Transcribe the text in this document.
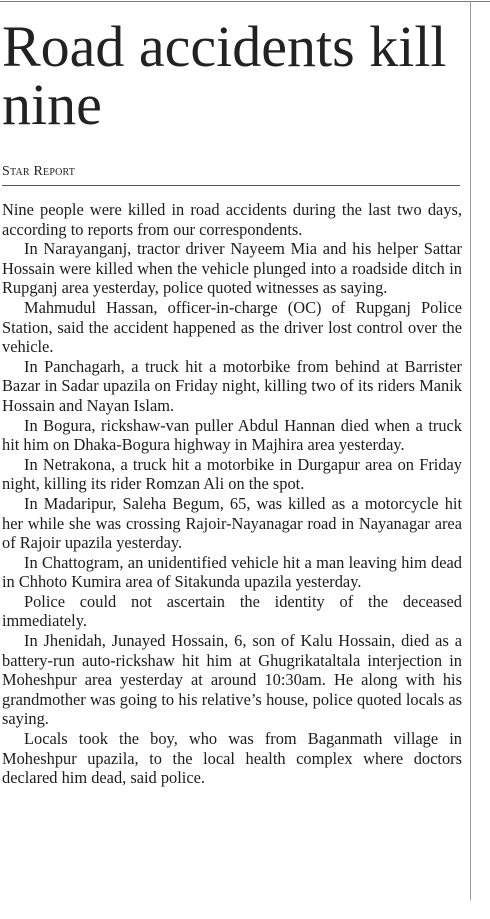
Road accidents kill nine
Star Report

Nine people were killed in road accidents during the last two days, according to reports from our correspondents.

In Narayanganj, tractor driver Nayeem Mia and his helper Sattar Hossain were killed when the vehicle plunged into a roadside ditch in Rupganj area yesterday, police quoted witnesses as saying.

Mahmudul Hassan, officer-in-charge (OC) of Rupganj Police Station, said the accident happened as the driver lost control over the vehicle.

In Panchagarh, a truck hit a motorbike from behind at Barrister Bazar in Sadar upazila on Friday night, killing two of its riders Manik Hossain and Nayan Islam.

In Bogura, rickshaw-van puller Abdul Hannan died when a truck hit him on Dhaka-Bogura highway in Majhira area yesterday.

In Netrakona, a truck hit a motorbike in Durgapur area on Friday night, killing its rider Romzan Ali on the spot.

In Madaripur, Saleha Begum, 65, was killed as a motorcycle hit her while she was crossing Rajoir-Nayanagar road in Nayanagar area of Rajoir upazila yesterday.

In Chattogram, an unidentified vehicle hit a man leaving him dead in Chhoto Kumira area of Sitakunda upazila yesterday.

Police could not ascertain the identity of the deceased immediately.

In Jhenidah, Junayed Hossain, 6, son of Kalu Hossain, died as a battery-run auto-rickshaw hit him at Ghugrikataltala interjection in Moheshpur area yesterday at around 10:30am. He along with his grandmother was going to his relative’s house, police quoted locals as saying.

Locals took the boy, who was from Baganmath village in Moheshpur upazila, to the local health complex where doctors declared him dead, said police.
